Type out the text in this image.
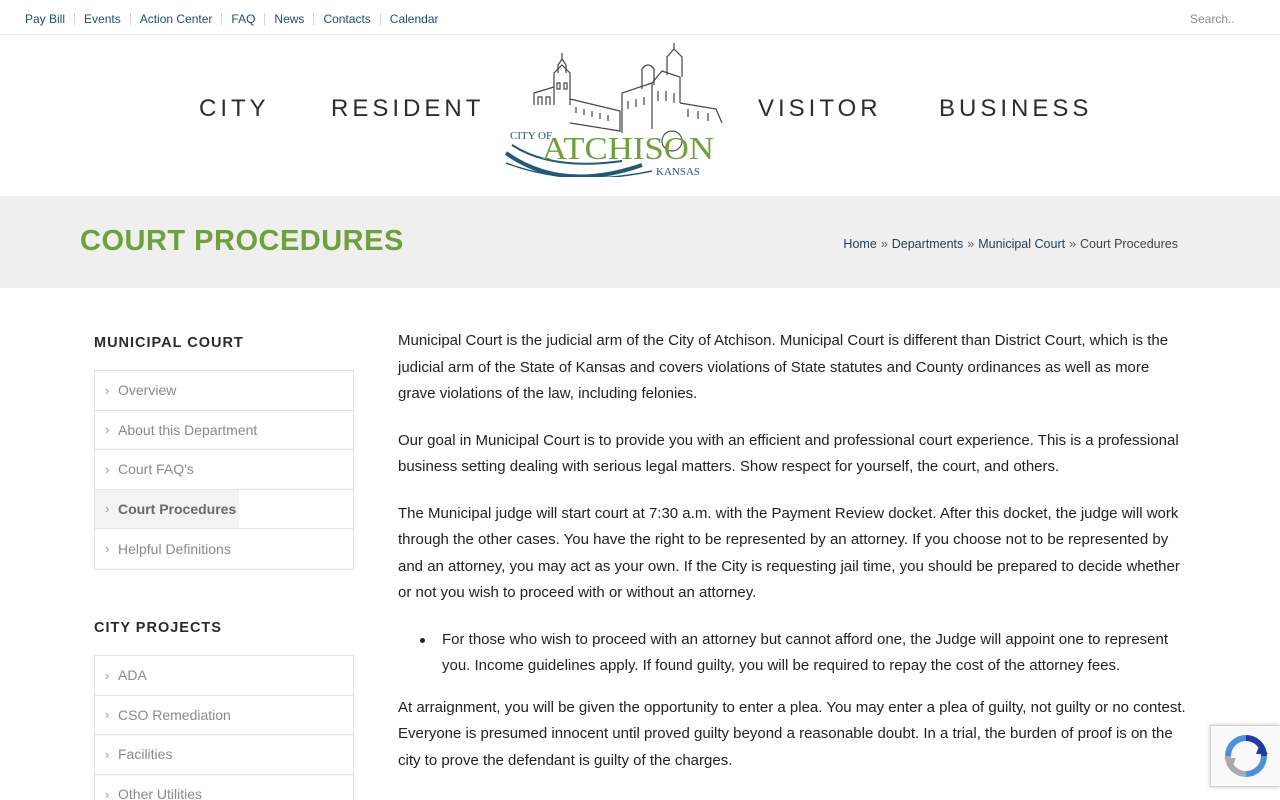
Pay Bill Events Action Center FAQ News Contacts Calendar
Search..
CITY	RESIDENT	VISITOR BUSINESS
CITY OF
ATCHISON
KANSAS
COURT PROCEDURES	Home » Departments » Municipal Court » Court Procedures
MUNICIPAL COURT
› Overview
› About this Department
› Court FAQ's
› Court Procedures
› Helpful Definitions
CITY PROJECTS
› ADA
› CSO Remediation
› Facilities
› Other Utilities

Municipal Court is the judicial arm of the City of Atchison. Municipal Court is different than District Court, which is the judicial arm of the State of Kansas and covers violations of State statutes and County ordinances as well as more grave violations of the law, including felonies.

Our goal in Municipal Court is to provide you with an efficient and professional court experience. This is a professional business setting dealing with serious legal matters. Show respect for yourself, the court, and others.

The Municipal judge will start court at 7:30 a.m. with the Payment Review docket. After this docket, the judge will work through the other cases. You have the right to be represented by an attorney. If you choose not to be represented by and an attorney, you may act as your own. If the City is requesting jail time, you should be prepared to decide whether or not you wish to proceed with or without an attorney.

For those who wish to proceed with an attorney but cannot afford one, the Judge will appoint one to represent you. Income guidelines apply. If found guilty, you will be required to repay the cost of the attorney fees.

At arraignment, you will be given the opportunity to enter a plea. You may enter a plea of guilty, not guilty or no contest. Everyone is presumed innocent until proved guilty beyond a reasonable doubt. In a trial, the burden of proof is on the city to prove the defendant is guilty of the charges.
